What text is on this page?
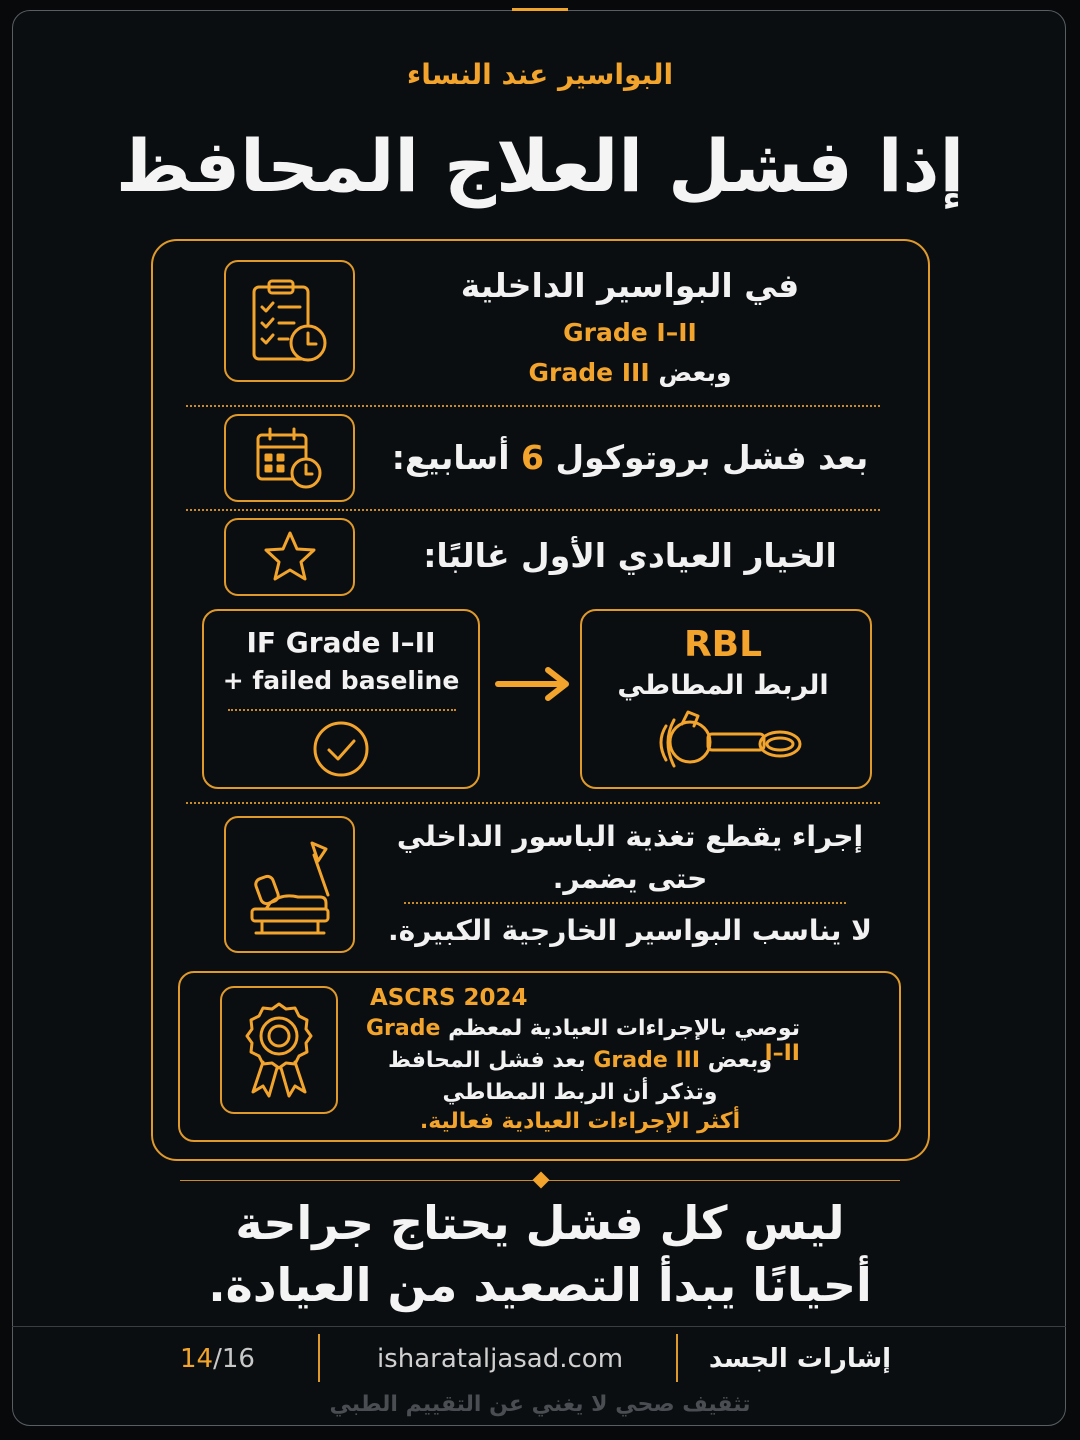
البواسير عند النساء
إذا فشل العلاج المحافظ
في البواسير الداخلية
Grade I–II
وبعض Grade III
بعد فشل بروتوكول 6 أسابيع:
الخيار العيادي الأول غالبًا:
IF Grade I–II
+ failed baseline
RBL
الربط المطاطي
إجراء يقطع تغذية الباسور الداخلي
حتى يضمر.
لا يناسب البواسير الخارجية الكبيرة.
ASCRS 2024
توصي بالإجراءات العيادية لمعظم Grade I–II
وبعض Grade III بعد فشل المحافظ
وتذكر أن الربط المطاطي
أكثر الإجراءات العيادية فعالية.
ليس كل فشل يحتاج جراحة
أحيانًا يبدأ التصعيد من العيادة.
14/16	isharataljasad.com	إشارات الجسد
تثقيف صحي لا يغني عن التقييم الطبي
